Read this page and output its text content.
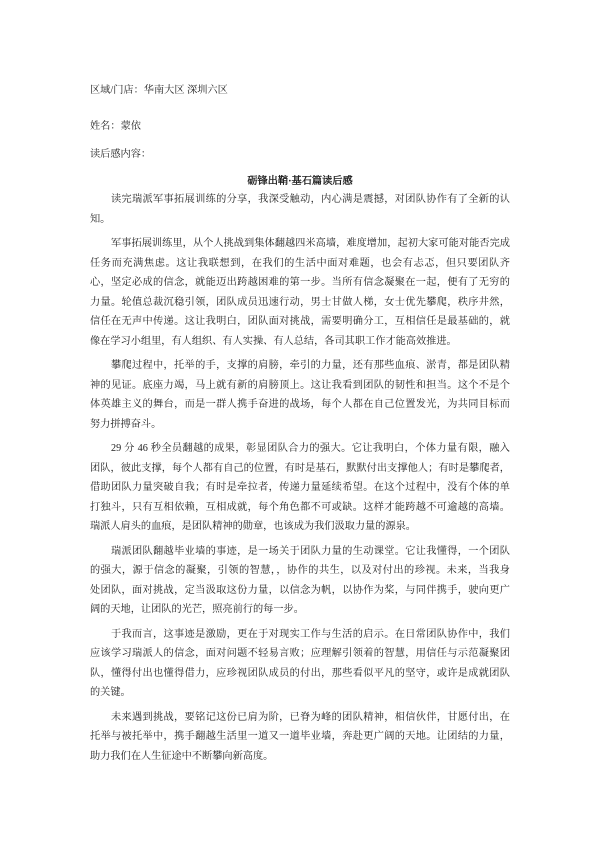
区域/门店：华南大区 深圳六区
姓名：蒙依
读后感内容：
砺锋出鞘·基石篇读后感
读完瑞派军事拓展训练的分享，我深受触动，内心满是震撼，对团队协作有了全新的认
知。
军事拓展训练里，从个人挑战到集体翻越四米高墙，难度增加，起初大家可能对能否完成
任务而充满焦虑。这让我联想到，在我们的生活中面对难题，也会有忐忑，但只要团队齐
心，坚定必成的信念，就能迈出跨越困难的第一步。当所有信念凝聚在一起，便有了无穷的
力量。轮值总裁沉稳引领，团队成员迅速行动，男士甘做人梯，女士优先攀爬，秩序井然，
信任在无声中传递。这让我明白，团队面对挑战，需要明确分工，互相信任是最基础的，就
像在学习小组里，有人组织、有人实操、有人总结，各司其职工作才能高效推进。
攀爬过程中，托举的手，支撑的肩膀，牵引的力量，还有那些血痕、淤青，都是团队精
神的见证。底座力竭，马上就有新的肩膀顶上。这让我看到团队的韧性和担当。这个不是个
体英雄主义的舞台，而是一群人携手奋进的战场，每个人都在自己位置发光，为共同目标而
努力拼搏奋斗。
29 分 46 秒全员翻越的成果，彰显团队合力的强大。它让我明白，个体力量有限，融入
团队，彼此支撑，每个人都有自己的位置，有时是基石，默默付出支撑他人；有时是攀爬者，
借助团队力量突破自我；有时是牵拉者，传递力量延续希望。在这个过程中，没有个体的单
打独斗，只有互相依赖，互相成就，每个角色都不可或缺。这样才能跨越不可逾越的高墙。
瑞派人肩头的血痕，是团队精神的勋章，也该成为我们汲取力量的源泉。
瑞派团队翻越毕业墙的事迹，是一场关于团队力量的生动课堂。它让我懂得，一个团队
的强大，源于信念的凝聚，引领的智慧，，协作的共生，以及对付出的珍视。未来，当我身
处团队，面对挑战，定当汲取这份力量，以信念为帆，以协作为桨，与同伴携手，驶向更广
阔的天地，让团队的光芒，照亮前行的每一步。
于我而言，这事迹是激励，更在于对现实工作与生活的启示。在日常团队协作中，我们
应该学习瑞派人的信念，面对问题不轻易言败；应理解引领着的智慧，用信任与示范凝聚团
队，懂得付出也懂得借力，应珍视团队成员的付出，那些看似平凡的坚守，或许是成就团队
的关键。
未来遇到挑战，要铭记这份已肩为阶，已脊为峰的团队精神，相信伙伴，甘愿付出，在
托举与被托举中，携手翻越生活里一道又一道毕业墙，奔赴更广阔的天地。让团结的力量，
助力我们在人生征途中不断攀向新高度。
